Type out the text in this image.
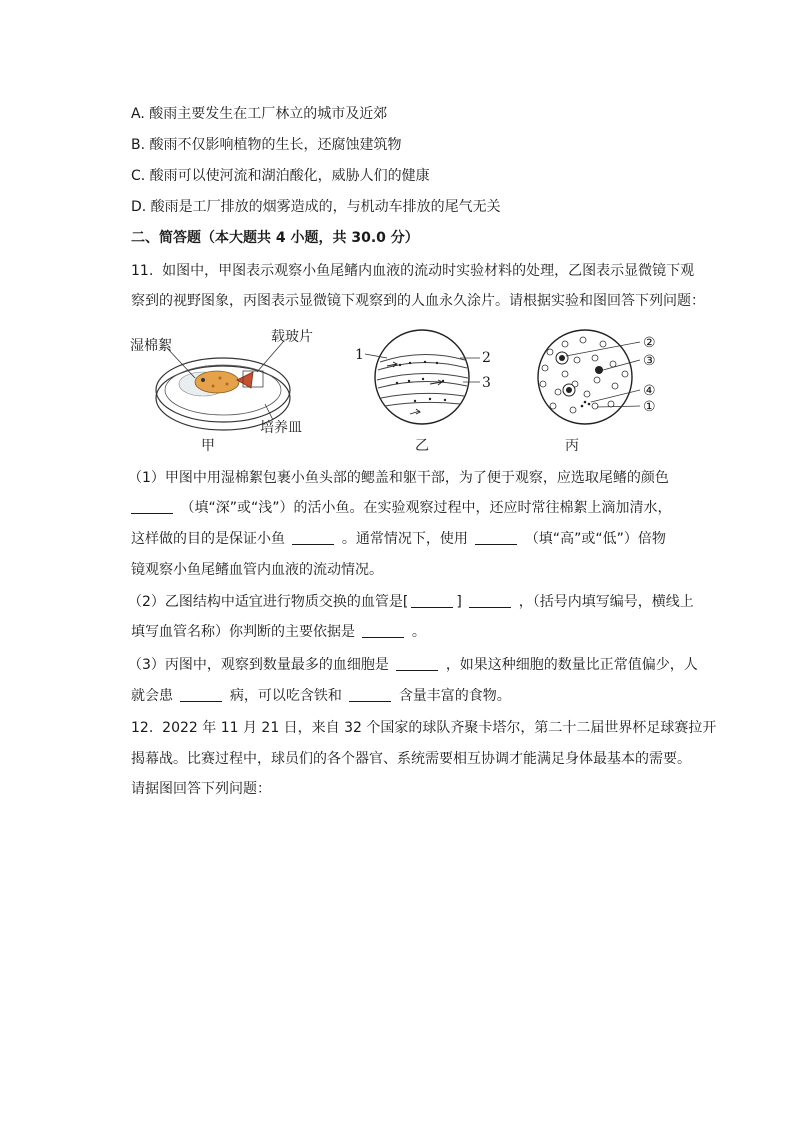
A. 酸雨主要发生在工厂林立的城市及近郊
B. 酸雨不仅影响植物的生长，还腐蚀建筑物
C. 酸雨可以使河流和湖泊酸化，威胁人们的健康
D. 酸雨是工厂排放的烟雾造成的，与机动车排放的尾气无关
二、简答题（本大题共 4 小题，共 30.0 分）
11. 如图中，甲图表示观察小鱼尾鳍内血液的流动时实验材料的处理，乙图表示显微镜下观
察到的视野图象，丙图表示显微镜下观察到的人血永久涂片。请根据实验和图回答下列问题：
湿棉絮
载玻片
培养皿
甲
1	2
3
乙
②
③
④
①
丙
（1）甲图中用湿棉絮包裹小鱼头部的鳃盖和躯干部，为了便于观察，应选取尾鳍的颜色
（填“深”或“浅”）的活小鱼。在实验观察过程中，还应时常往棉絮上滴加清水，
这样做的目的是保证小鱼	。通常情况下，使用	（填“高”或“低”）倍物
镜观察小鱼尾鳍血管内血液的流动情况。
（2）乙图结构中适宜进行物质交换的血管是[	]	，（括号内填写编号，横线上
填写血管名称）你判断的主要依据是	。
（3）丙图中，观察到数量最多的血细胞是	，如果这种细胞的数量比正常值偏少，人
就会患	病，可以吃含铁和	含量丰富的食物。
12. 2022 年 11 月 21 日，来自 32 个国家的球队齐聚卡塔尔，第二十二届世界杯足球赛拉开
揭幕战。比赛过程中，球员们的各个器官、系统需要相互协调才能满足身体最基本的需要。
请据图回答下列问题：
